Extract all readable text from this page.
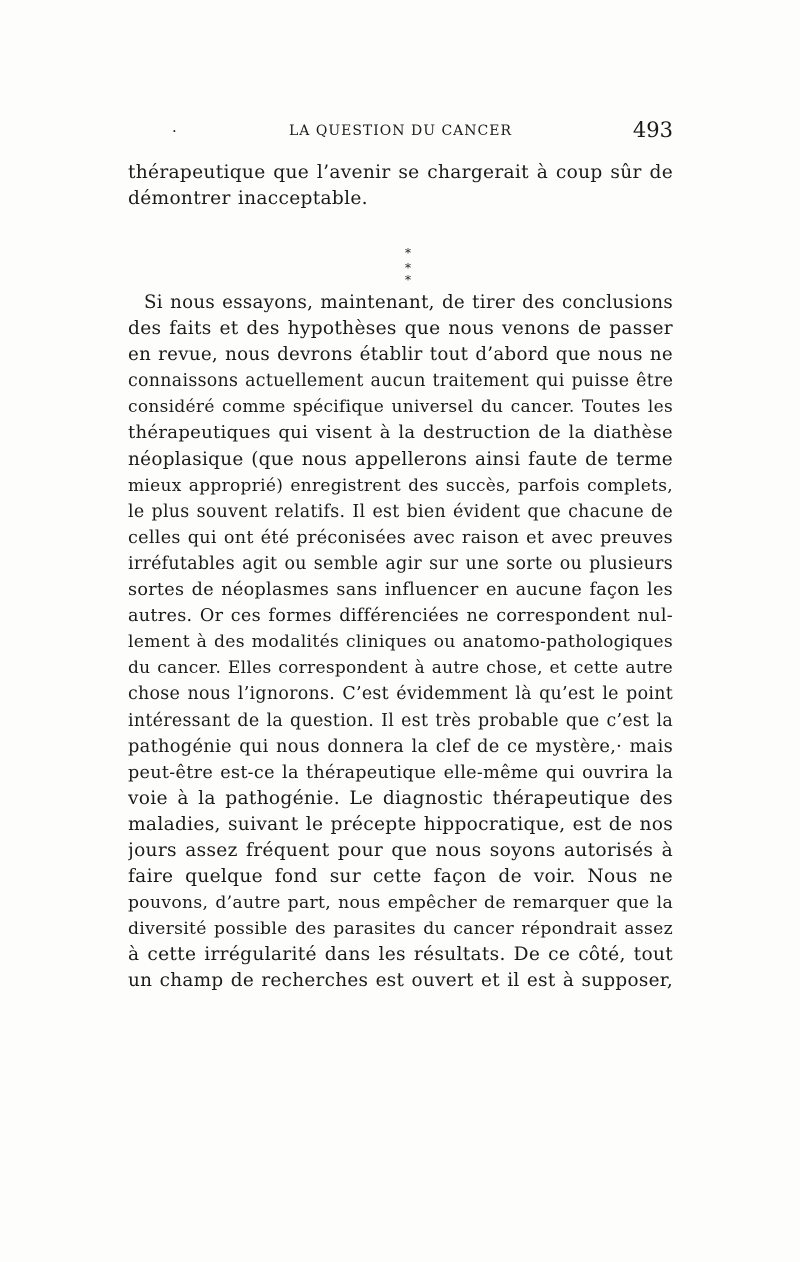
·	LA QUESTION DU CANCER	493
thérapeutique que l’avenir se chargerait à coup sûr de
démontrer inacceptable.
*
* *
Si nous essayons, maintenant, de tirer des conclusions
des faits et des hypothèses que nous venons de passer
en revue, nous devrons établir tout d’abord que nous ne
connaissons actuellement aucun traitement qui puisse être
considéré comme spécifique universel du cancer. Toutes les
thérapeutiques qui visent à la destruction de la diathèse
néoplasique (que nous appellerons ainsi faute de terme
mieux approprié) enregistrent des succès, parfois complets,
le plus souvent relatifs. Il est bien évident que chacune de
celles qui ont été préconisées avec raison et avec preuves
irréfutables agit ou semble agir sur une sorte ou plusieurs
sortes de néoplasmes sans influencer en aucune façon les
autres. Or ces formes différenciées ne correspondent nul-
lement à des modalités cliniques ou anatomo-pathologiques
du cancer. Elles correspondent à autre chose, et cette autre
chose nous l’ignorons. C’est évidemment là qu’est le point
intéressant de la question. Il est très probable que c’est la
pathogénie qui nous donnera la clef de ce mystère,· mais
peut-être est-ce la thérapeutique elle-même qui ouvrira la
voie à la pathogénie. Le diagnostic thérapeutique des
maladies, suivant le précepte hippocratique, est de nos
jours assez fréquent pour que nous soyons autorisés à
faire quelque fond sur cette façon de voir. Nous ne
pouvons, d’autre part, nous empêcher de remarquer que la
diversité possible des parasites du cancer répondrait assez
à cette irrégularité dans les résultats. De ce côté, tout
un champ de recherches est ouvert et il est à supposer,
